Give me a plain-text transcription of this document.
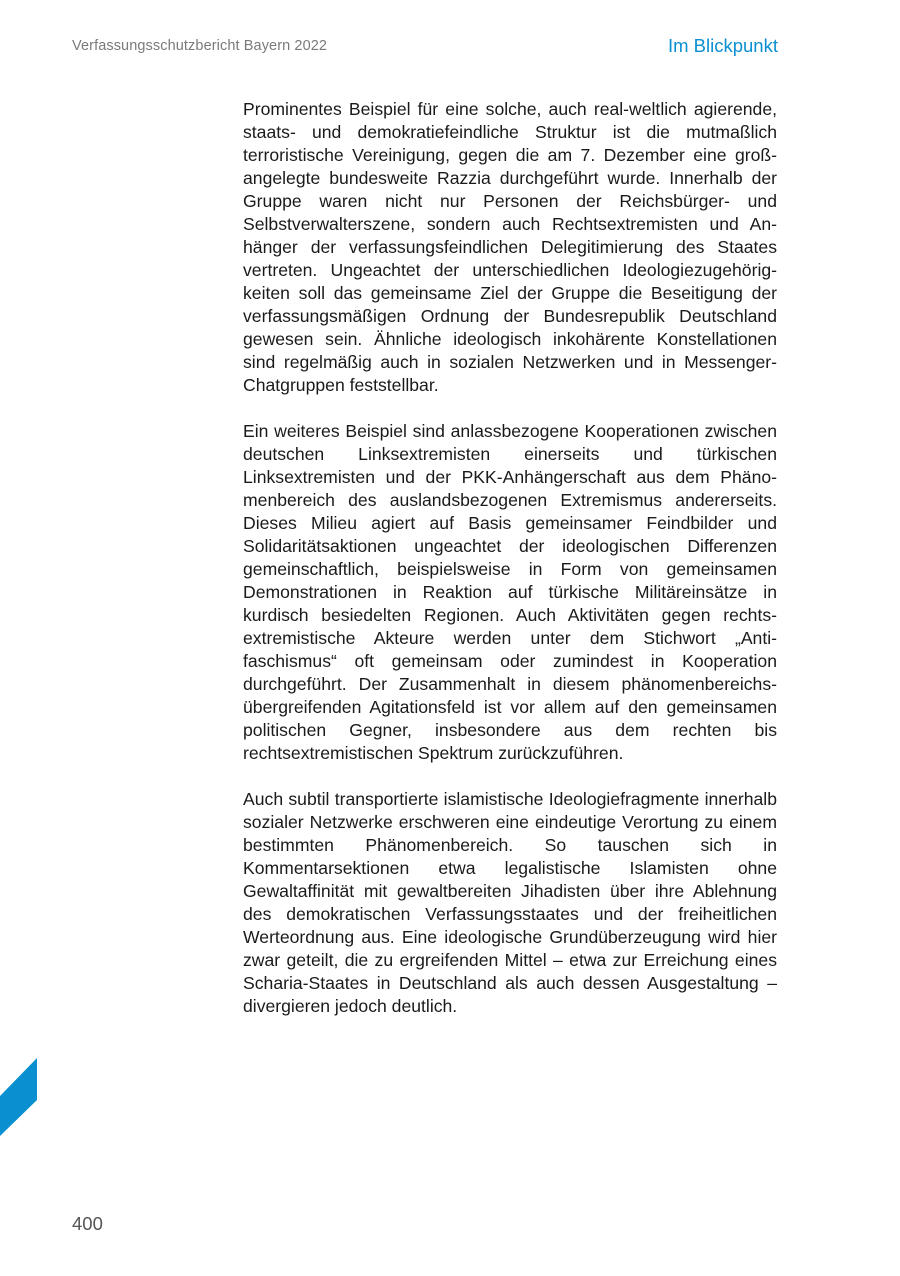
Verfassungsschutzbericht Bayern 2022	Im Blickpunkt

Prominentes Beispiel für eine solche, auch real-weltlich agierende, staats- und demokratiefeindliche Struktur ist die mutmaßlich terroristische Vereinigung, gegen die am 7. Dezember eine großangelegte bundesweite Razzia durchgeführt wurde. Innerhalb der Gruppe waren nicht nur Personen der Reichsbürger- und Selbstverwalterszene, sondern auch Rechtsextremisten und Anhänger der verfassungsfeindlichen Delegitimierung des Staates vertreten. Ungeachtet der unterschiedlichen Ideologiezugehörigkeiten soll das gemeinsame Ziel der Gruppe die Beseitigung der verfassungsmäßigen Ordnung der Bundesrepublik Deutschland gewesen sein. Ähnliche ideologisch inkohärente Konstellationen sind regelmäßig auch in sozialen Netzwerken und in Messenger-Chatgruppen feststellbar.

Ein weiteres Beispiel sind anlassbezogene Kooperationen zwischen deutschen Linksextremisten einerseits und türkischen Linksextremisten und der PKK-Anhängerschaft aus dem Phänomenbereich des auslandsbezogenen Extremismus andererseits. Dieses Milieu agiert auf Basis gemeinsamer Feindbilder und Solidaritätsaktionen ungeachtet der ideologischen Differenzen gemeinschaftlich, beispielsweise in Form von gemeinsamen Demonstrationen in Reaktion auf türkische Militäreinsätze in kurdisch besiedelten Regionen. Auch Aktivitäten gegen rechtsextremistische Akteure werden unter dem Stichwort „Antifaschismus“ oft gemeinsam oder zumindest in Kooperation durchgeführt. Der Zusammenhalt in diesem phänomenbereichsübergreifenden Agitationsfeld ist vor allem auf den gemeinsamen politischen Gegner, insbesondere aus dem rechten bis rechtsextremistischen Spektrum zurückzuführen.

Auch subtil transportierte islamistische Ideologiefragmente innerhalb sozialer Netzwerke erschweren eine eindeutige Verortung zu einem bestimmten Phänomenbereich. So tauschen sich in Kommentarsektionen etwa legalistische Islamisten ohne Gewaltaffinität mit gewaltbereiten Jihadisten über ihre Ablehnung des demokratischen Verfassungsstaates und der freiheitlichen Werteordnung aus. Eine ideologische Grundüberzeugung wird hier zwar geteilt, die zu ergreifenden Mittel – etwa zur Erreichung eines Scharia-Staates in Deutschland als auch dessen Ausgestaltung – divergieren jedoch deutlich.

400
